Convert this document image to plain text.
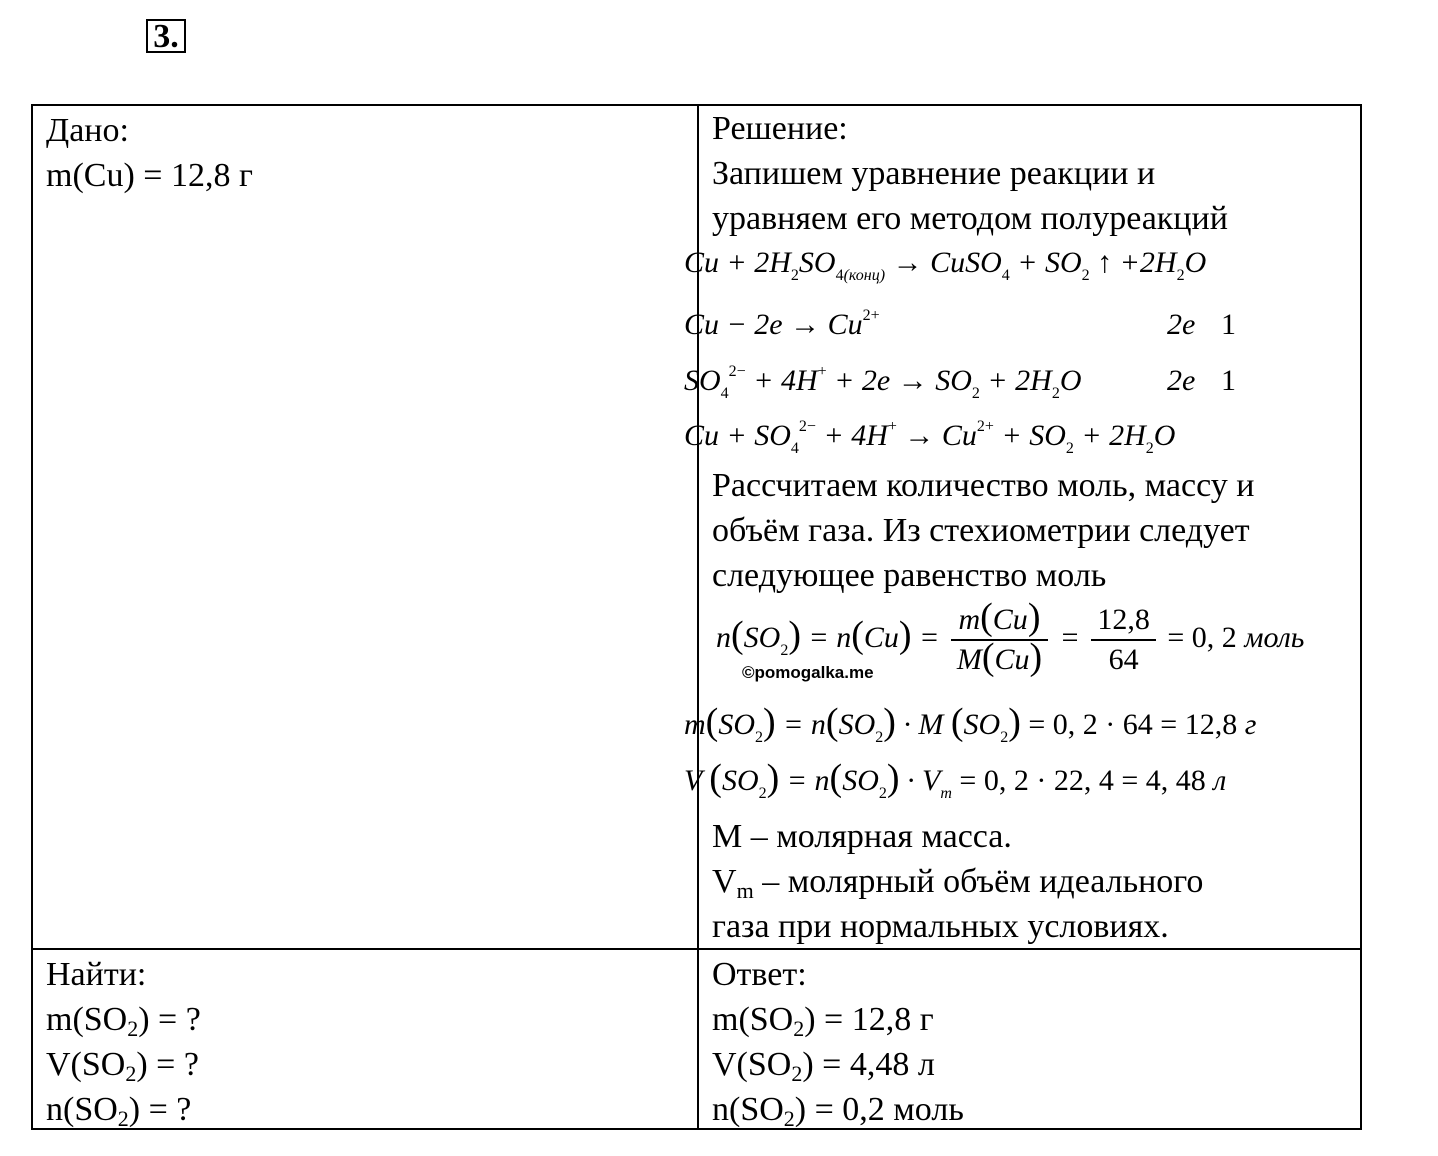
3.
Дано:
m(Cu) = 12,8 г
Найти:
$m(SO_2)$ = ?
$V(SO_2)$ = ?
$n(SO_2)$ = ?
Ответ:
$m(SO_2) = 12,8$ г
$V(SO_2) = 4,48$ л
$n(SO_2) = 0,2$ моль
Решение:
Запишем уравнение реакции и
уравняем его методом полуреакций
$Cu + 2H_2SO_{4(конц)}$ → CuSO$_4$ + $SO_2$ ↑ $+2H_2O$
$Cu - 2e \to Cu^{2+}$	2e 1
$SO_4^{2-} + 4H^+ + 2e \to SO_2 + 2H_2O$	2e 1
$Cu + SO_4^{2-} + 4H^+ \to Cu^{2+} + SO_2 + 2H_2O$
Рассчитаем количество моль, массу и
объём газа. Из стехиометрии следует
следующее равенство моль
$n(SO_2) = n(Cu) = \frac{m(Cu)}{M(Cu)} = \frac{12,8}{64} = 0$, 2 моль
©pomogalka.me
$m(SO_2) = n(SO_2) \cdot M$ $(SO_2) = 0$, 2 · 64 = 12,8 г
V $(SO_2) = n(SO_2) \cdot V_m = 0$, 2 · 22, 4 = 4, 48 л
M – молярная масса.
$V_m$ – молярный объём идеального
газа при нормальных условиях.
